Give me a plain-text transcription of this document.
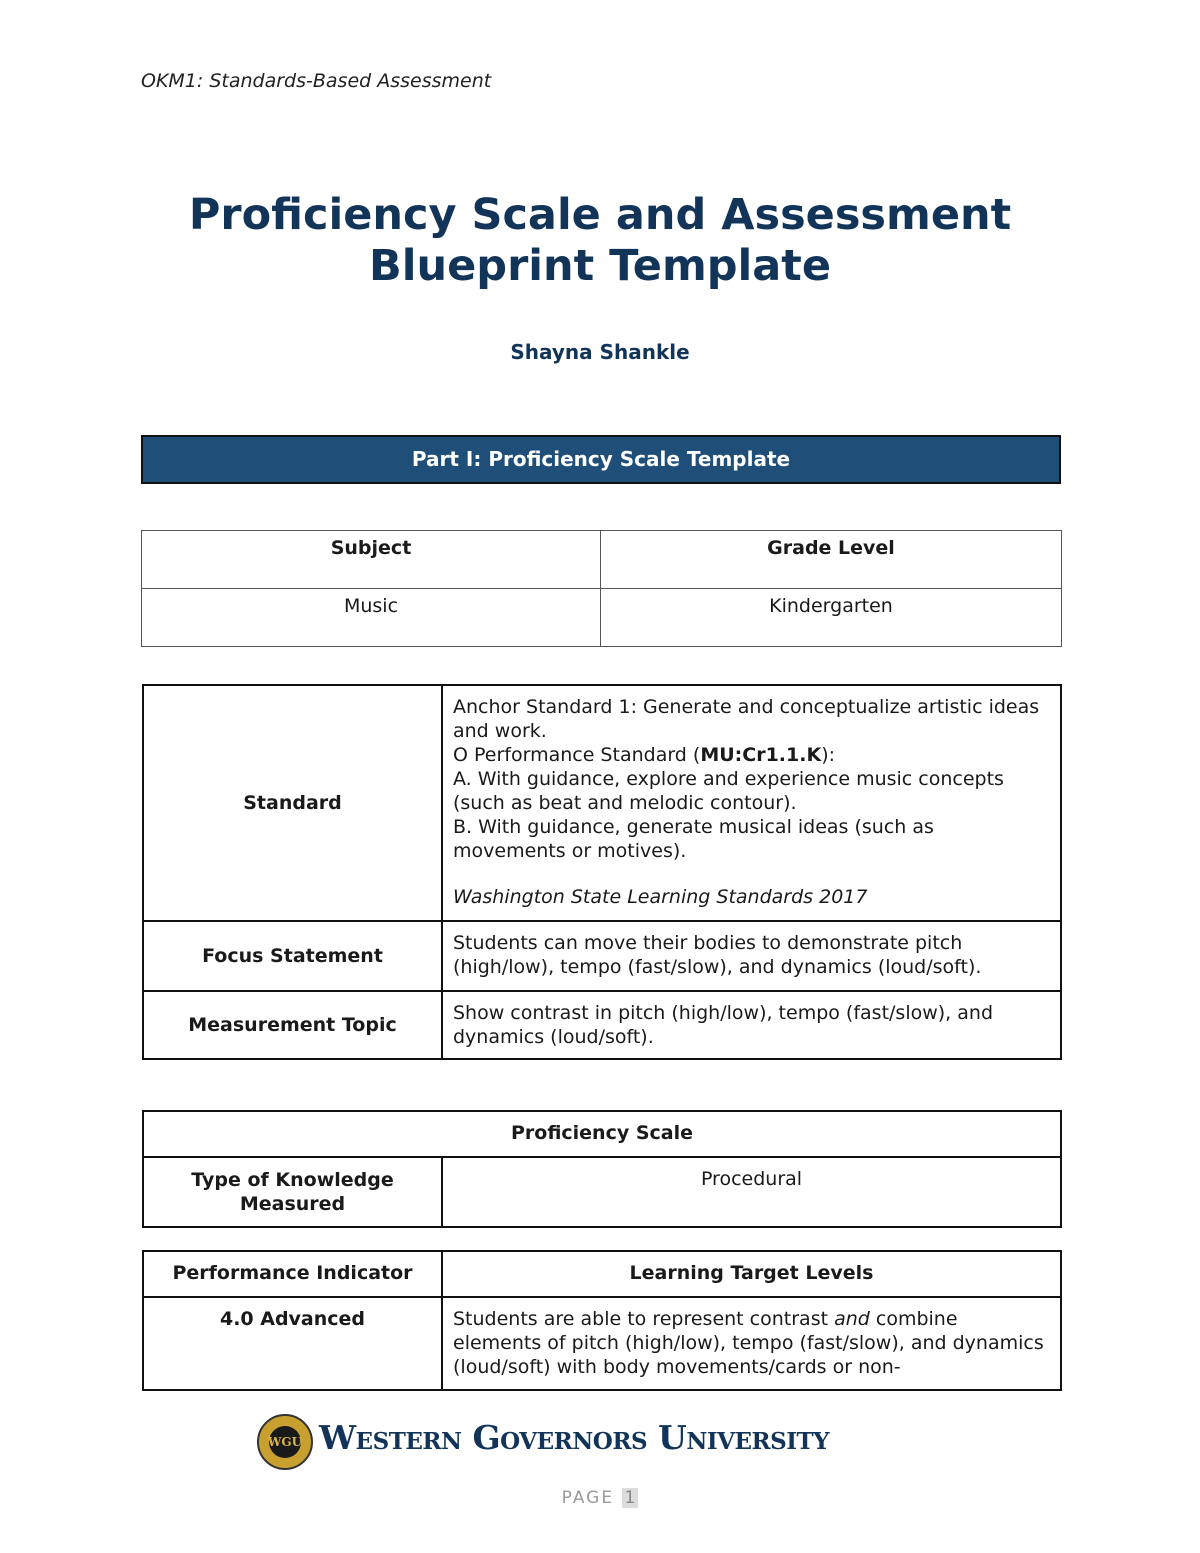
OKM1: Standards-Based Assessment
Proficiency Scale and Assessment
Blueprint Template
Shayna Shankle
Part I: Proficiency Scale Template
Subject	Grade Level
Music	Kindergarten
Standard	Anchor Standard 1: Generate and conceptualize artistic ideas and work.
O Performance Standard (MU:Cr1.1.K):
A. With guidance, explore and experience music concepts (such as beat and melodic contour).
B. With guidance, generate musical ideas (such as movements or motives).
Washington State Learning Standards 2017

Focus Statement	Students can move their bodies to demonstrate pitch (high/low), tempo (fast/slow), and dynamics (loud/soft).
Measurement Topic	Show contrast in pitch (high/low), tempo (fast/slow), and dynamics (loud/soft).
Proficiency Scale
Type of Knowledge Measured	Procedural
Performance Indicator	Learning Target Levels
4.0 Advanced	Students are able to represent contrast and combine elements of pitch (high/low), tempo (fast/slow), and dynamics (loud/soft) with body movements/cards or non-
WGU Western Governors University
PAGE 1
